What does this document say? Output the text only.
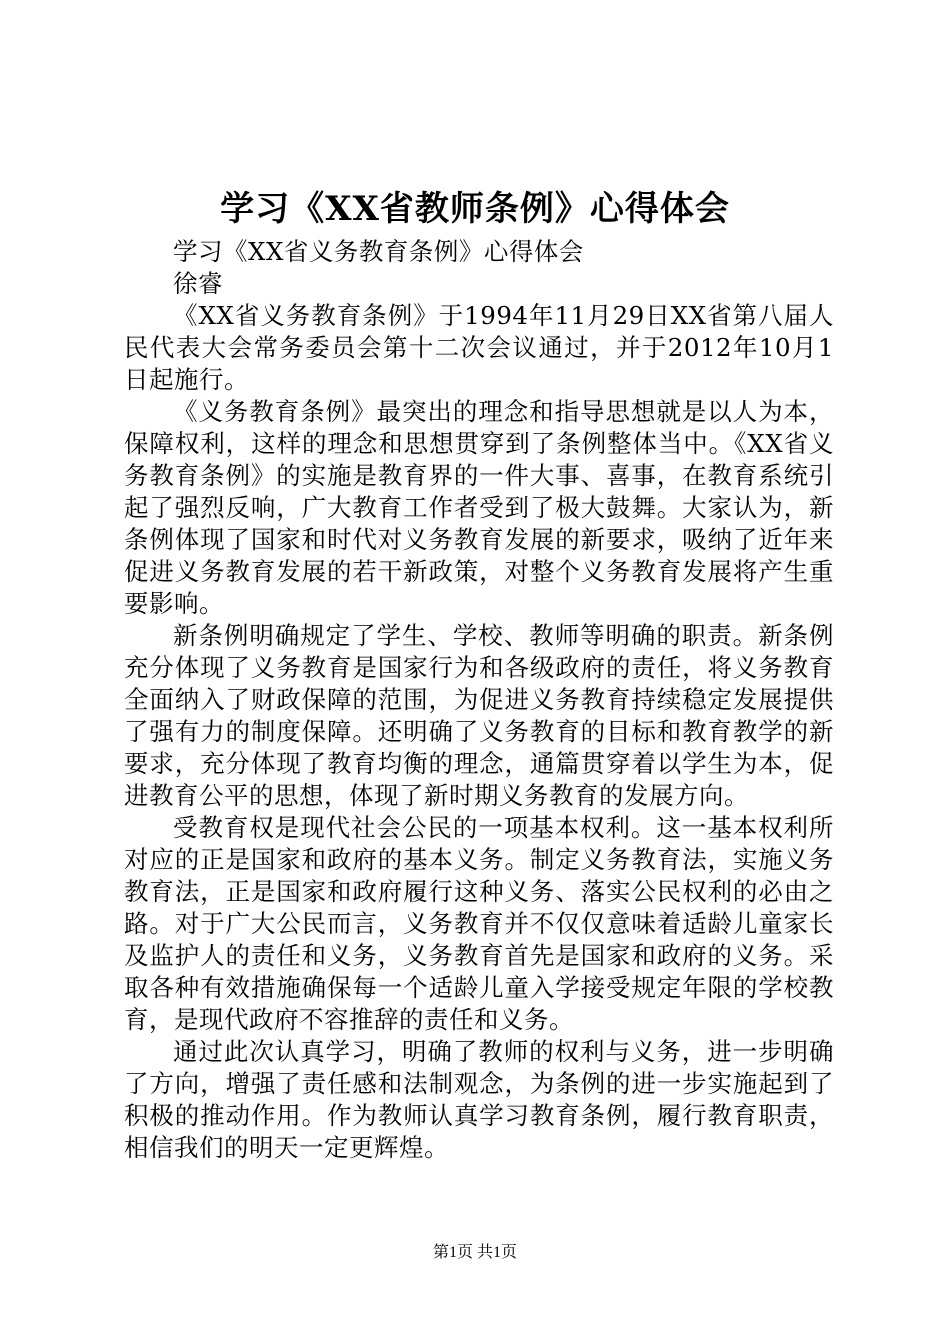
学习《XX省教师条例》心得体会

学习《XX省义务教育条例》心得体会

徐睿

《XX省义务教育条例》于1994年11月29日XX省第八届人民代表大会常务委员会第十二次会议通过，并于2012年10月1日起施行。

《义务教育条例》最突出的理念和指导思想就是以人为本，保障权利，这样的理念和思想贯穿到了条例整体当中。《XX省义务教育条例》的实施是教育界的一件大事、喜事，在教育系统引起了强烈反响，广大教育工作者受到了极大鼓舞。大家认为，新条例体现了国家和时代对义务教育发展的新要求，吸纳了近年来促进义务教育发展的若干新政策，对整个义务教育发展将产生重要影响。

新条例明确规定了学生、学校、教师等明确的职责。新条例充分体现了义务教育是国家行为和各级政府的责任，将义务教育全面纳入了财政保障的范围，为促进义务教育持续稳定发展提供了强有力的制度保障。还明确了义务教育的目标和教育教学的新要求，充分体现了教育均衡的理念，通篇贯穿着以学生为本，促进教育公平的思想，体现了新时期义务教育的发展方向。

受教育权是现代社会公民的一项基本权利。这一基本权利所对应的正是国家和政府的基本义务。制定义务教育法，实施义务教育法，正是国家和政府履行这种义务、落实公民权利的必由之路。对于广大公民而言，义务教育并不仅仅意味着适龄儿童家长及监护人的责任和义务，义务教育首先是国家和政府的义务。采取各种有效措施确保每一个适龄儿童入学接受规定年限的学校教育，是现代政府不容推辞的责任和义务。

通过此次认真学习，明确了教师的权利与义务，进一步明确了方向，增强了责任感和法制观念，为条例的进一步实施起到了积极的推动作用。作为教师认真学习教育条例，履行教育职责，相信我们的明天一定更辉煌。

第1页 共1页
